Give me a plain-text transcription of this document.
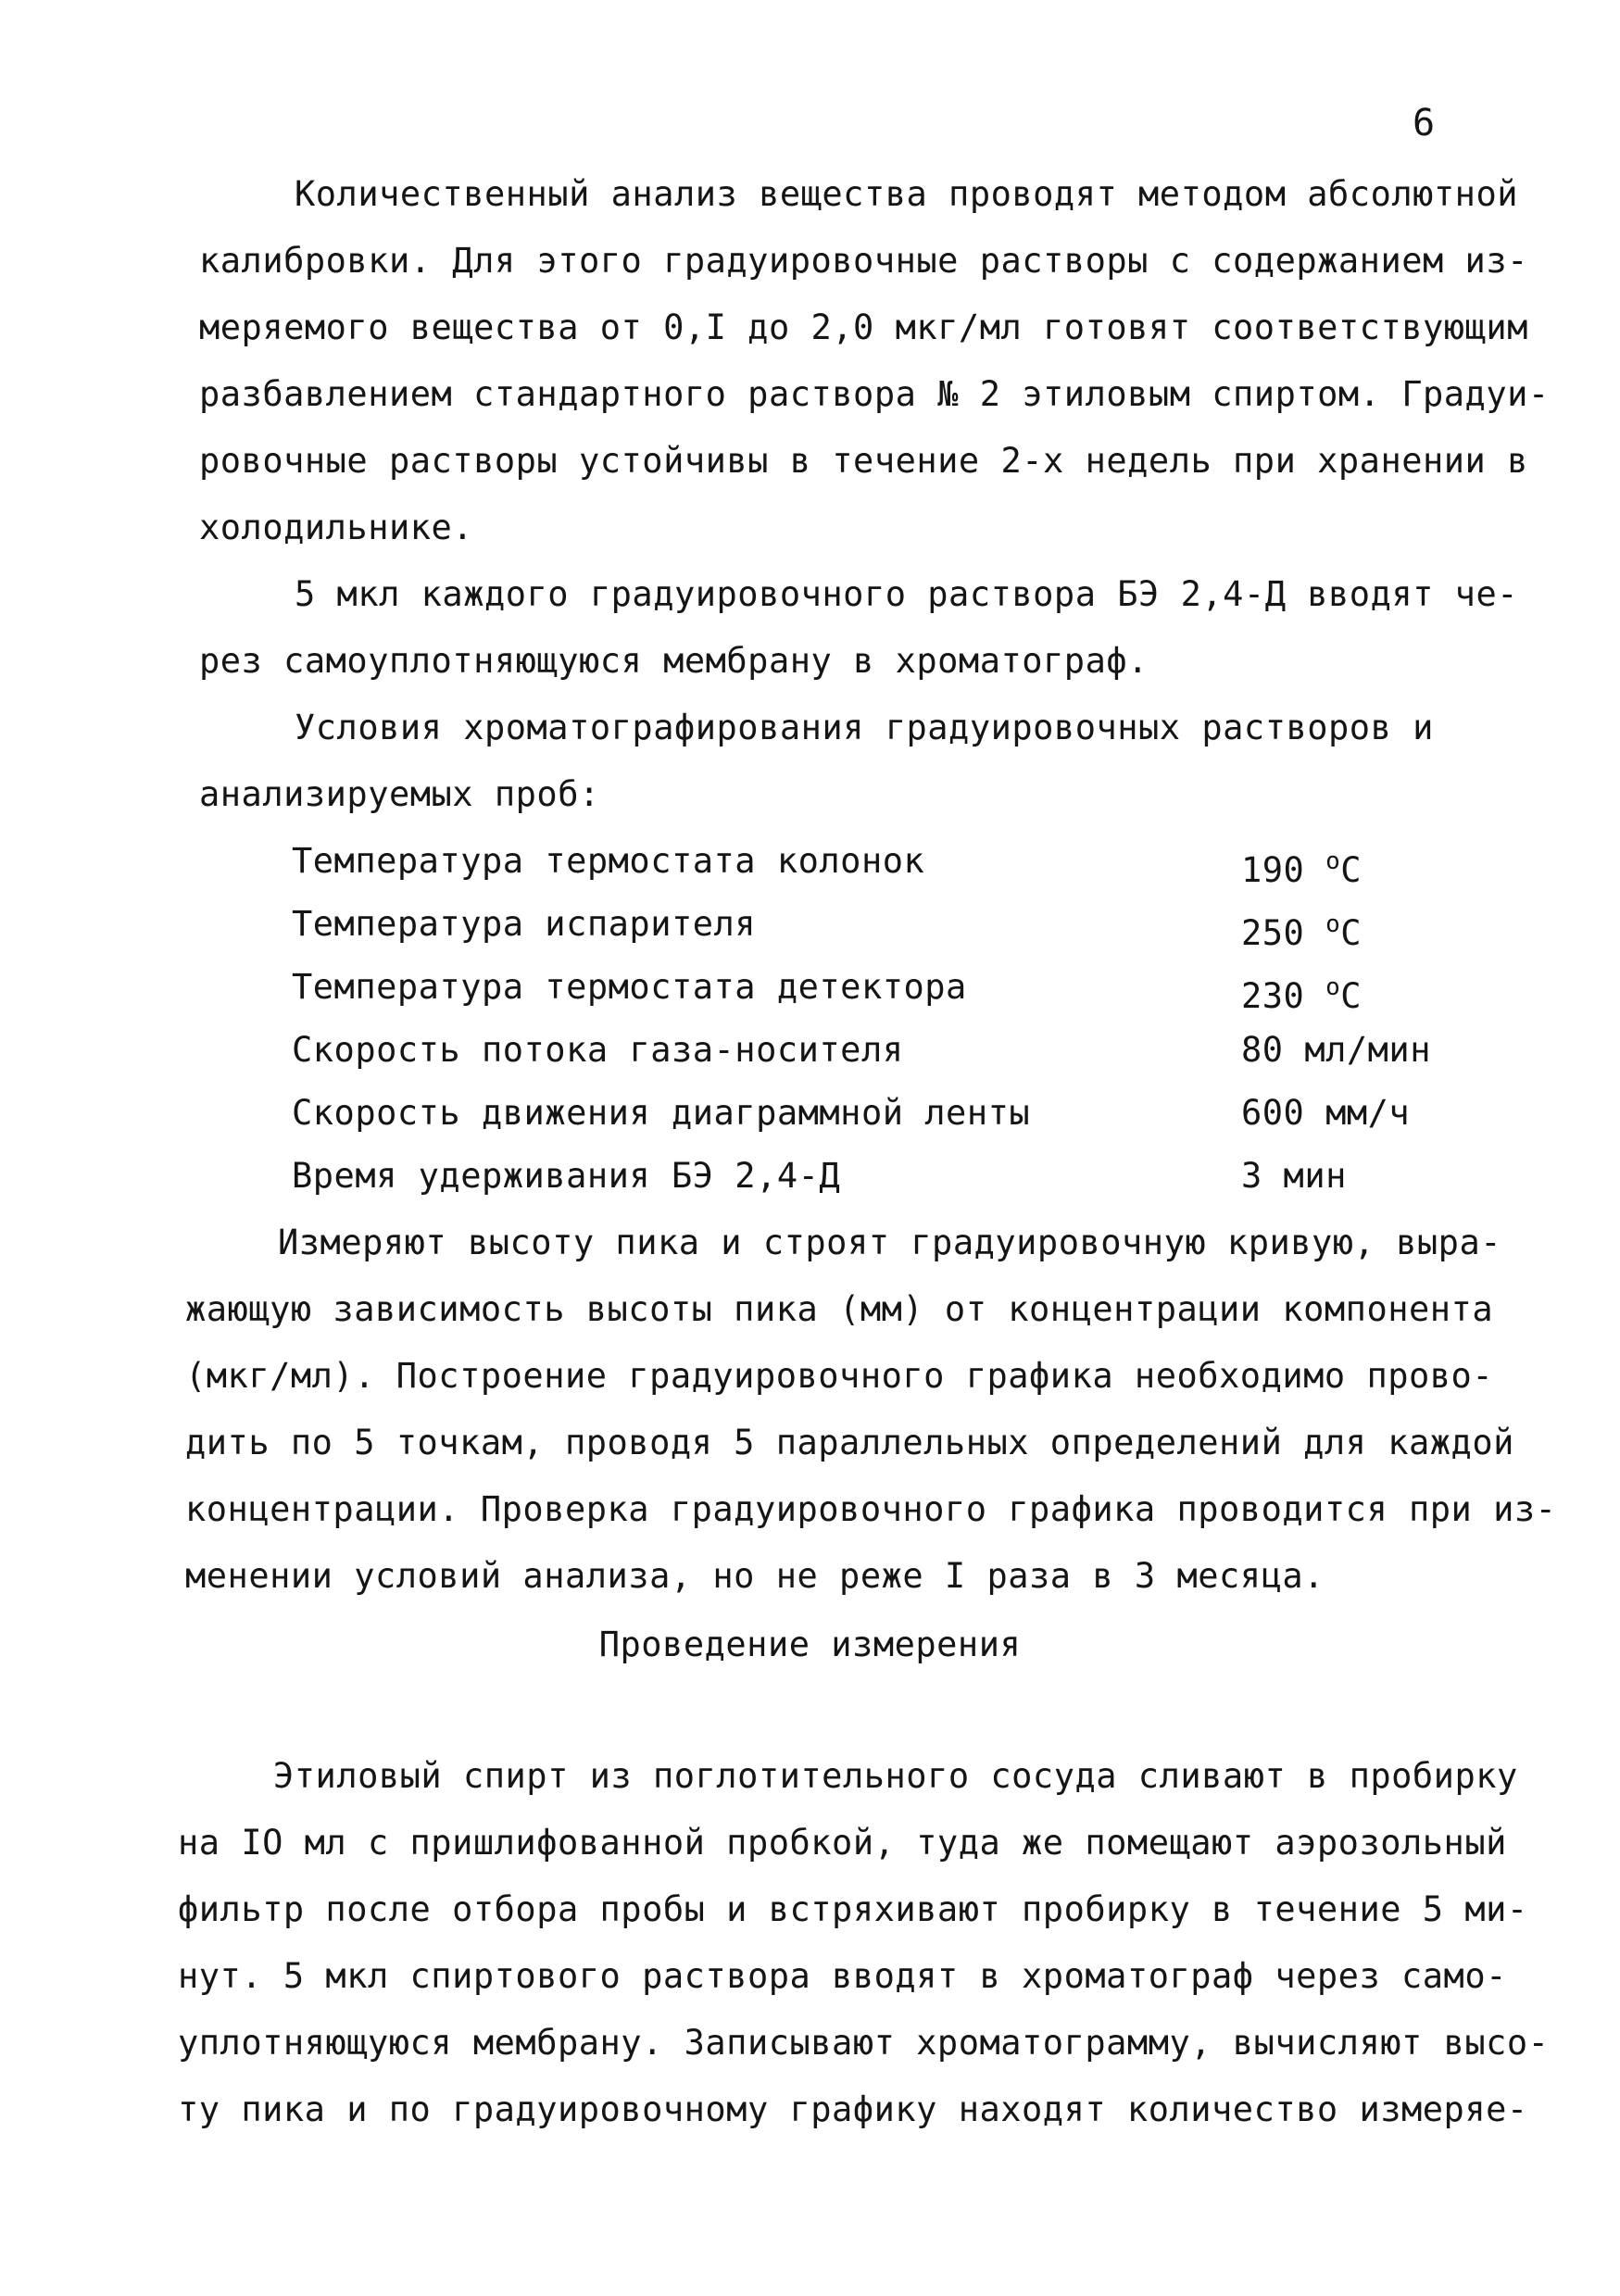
6
Количественный анализ вещества проводят методом абсолютной
калибровки. Для этого градуировочные растворы с содержанием из-
меряемого вещества от 0,I до 2,0 мкг/мл готовят соответствующим
разбавлением стандартного раствора № 2 этиловым спиртом. Градуи-
ровочные растворы устойчивы в течение 2-х недель при хранении в
холодильнике.
5 мкл каждого градуировочного раствора БЭ 2,4-Д вводят че-
рез самоуплотняющуюся мембрану в хроматограф.
Условия хроматографирования градуировочных растворов и
анализируемых проб:
Температура термостата колонок	190 $^o$С
Температура испарителя	250 $^o$С
Температура термостата детектора	230 $^o$С
Скорость потока газа-носителя	80 мл/мин
Скорость движения диаграммной ленты	600 мм/ч
Время удерживания БЭ 2,4-Д	3 мин
Измеряют высоту пика и строят градуировочную кривую, выра-
жающую зависимость высоты пика (мм) от концентрации компонента
(мкг/мл). Построение градуировочного графика необходимо прово-
дить по 5 точкам, проводя 5 параллельных определений для каждой
концентрации. Проверка градуировочного графика проводится при из-
менении условий анализа, но не реже I раза в 3 месяца.
Проведение измерения
Этиловый спирт из поглотительного сосуда сливают в пробирку
на IO мл с пришлифованной пробкой, туда же помещают аэрозольный
фильтр после отбора пробы и встряхивают пробирку в течение 5 ми-
нут. 5 мкл спиртового раствора вводят в хроматограф через само-
уплотняющуюся мембрану. Записывают хроматограмму, вычисляют высо-
ту пика и по градуировочному графику находят количество измеряе-
